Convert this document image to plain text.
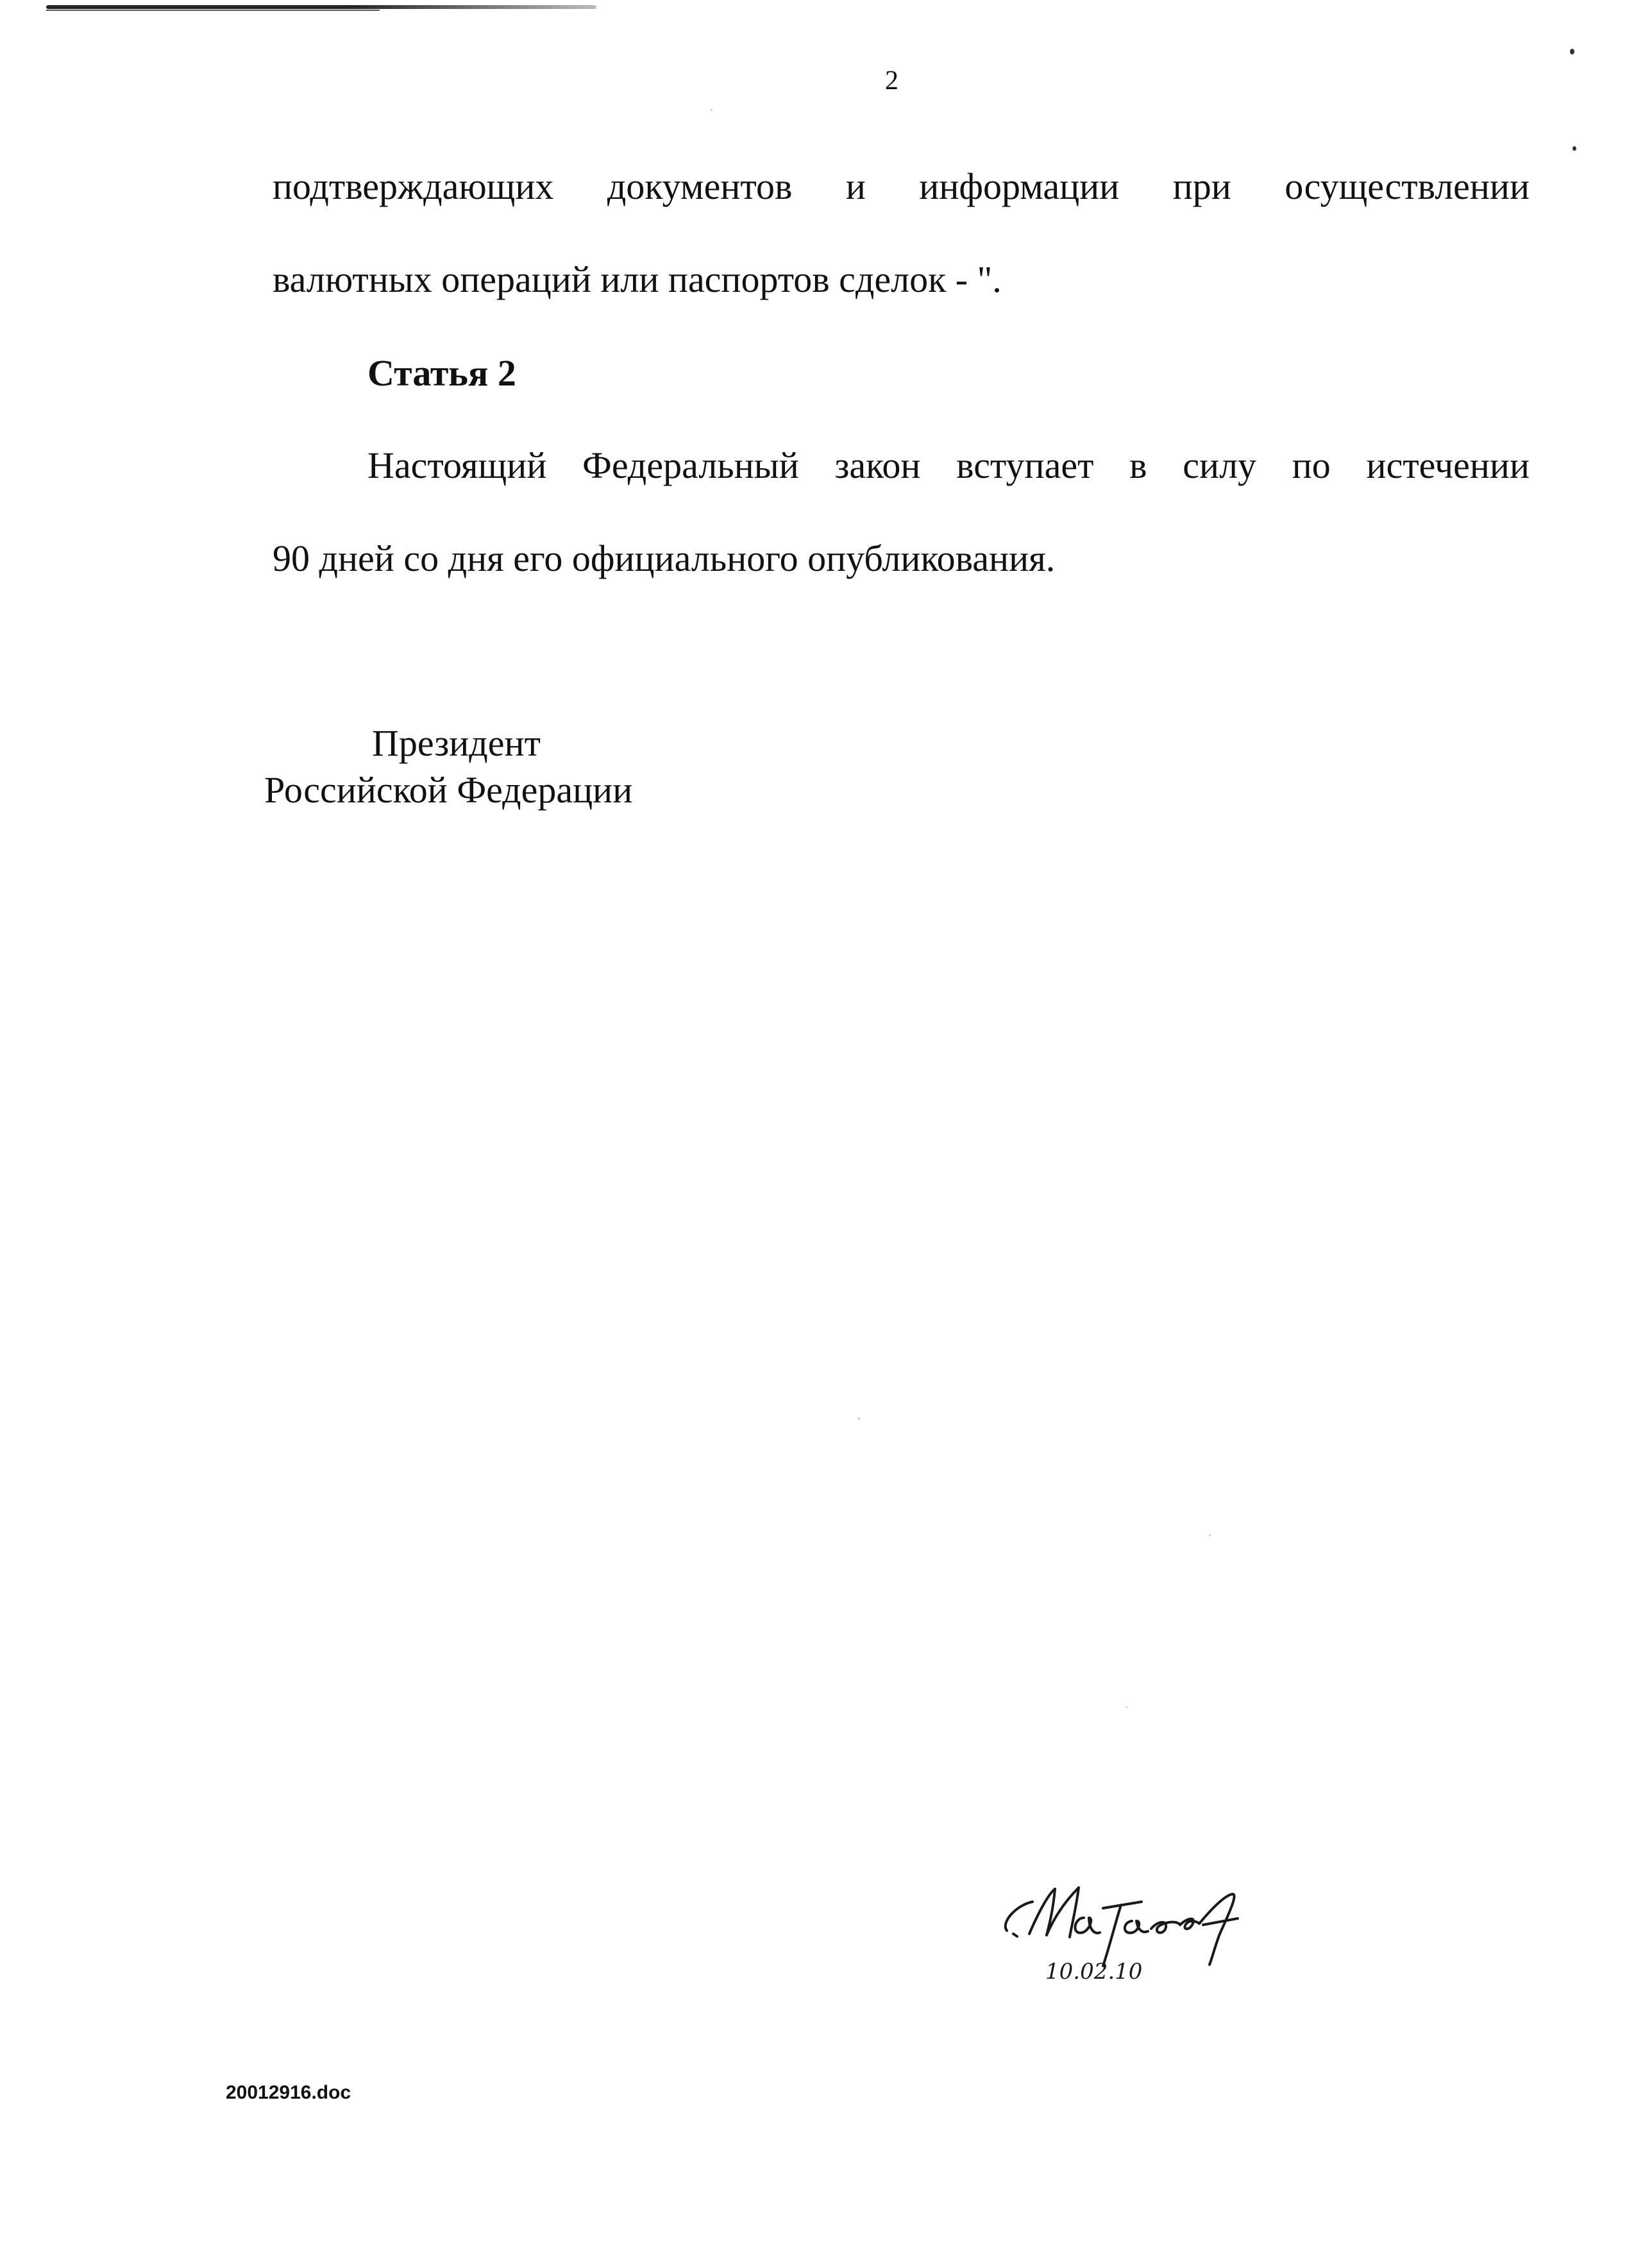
2
подтверждающих документов и информации при осуществлении
валютных операций или паспортов сделок - ".
Статья 2
Настоящий Федеральный закон вступает в силу по истечении
90 дней со дня его официального опубликования.
Президент
Российской Федерации
10.02.10
20012916.doc
